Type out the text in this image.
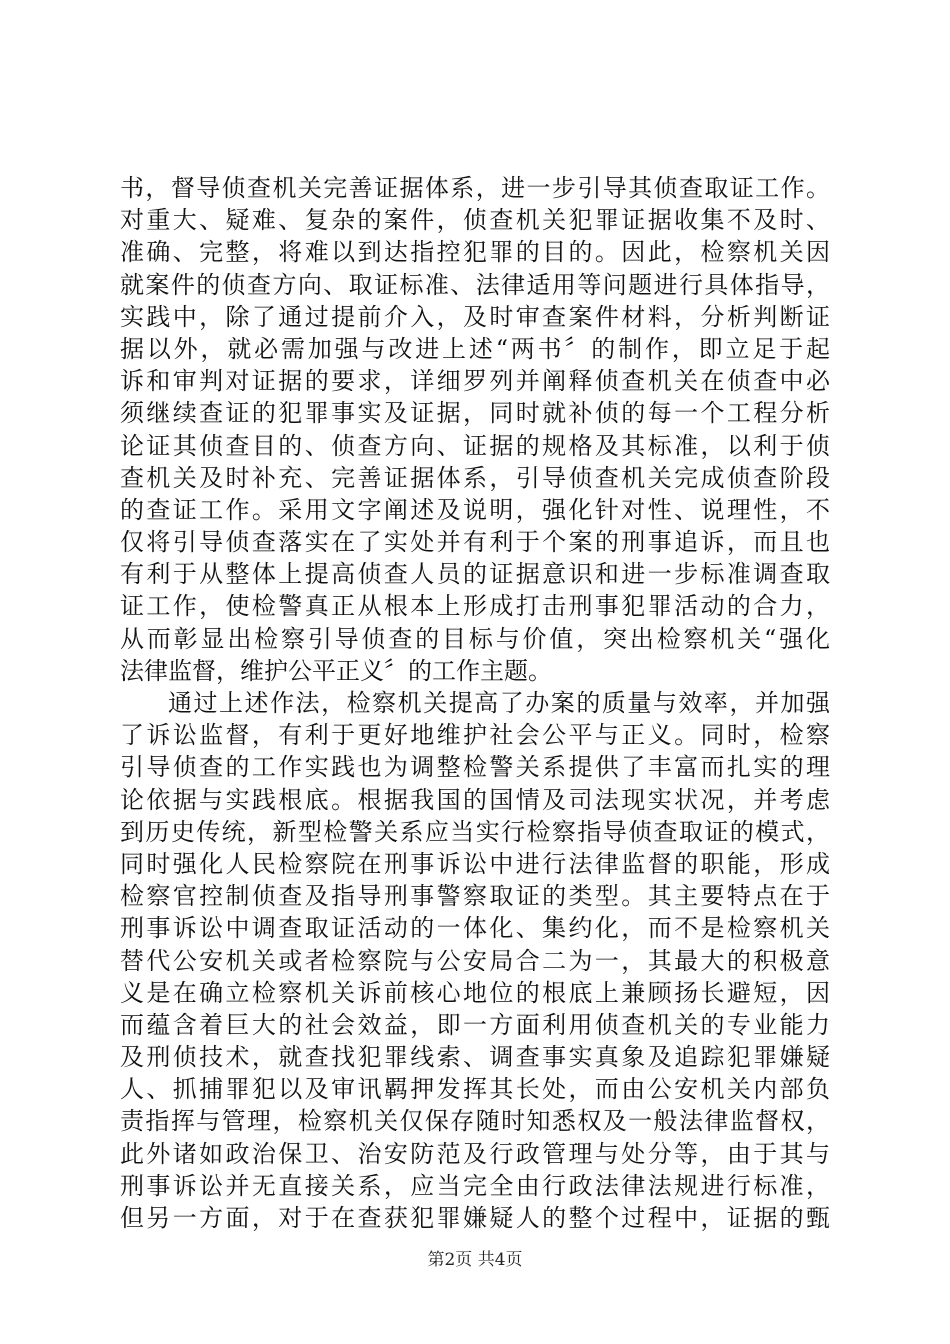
书，督导侦查机关完善证据体系，进一步引导其侦查取证工作。
对重大、疑难、复杂的案件，侦查机关犯罪证据收集不及时、
准确、完整，将难以到达指控犯罪的目的。因此，检察机关因
就案件的侦查方向、取证标准、法律适用等问题进行具体指导，
实践中，除了通过提前介入，及时审查案件材料，分析判断证
据以外，就必需加强与改进上述“两书〞的制作，即立足于起
诉和审判对证据的要求，详细罗列并阐释侦查机关在侦查中必
须继续查证的犯罪事实及证据，同时就补侦的每一个工程分析
论证其侦查目的、侦查方向、证据的规格及其标准，以利于侦
查机关及时补充、完善证据体系，引导侦查机关完成侦查阶段
的查证工作。采用文字阐述及说明，强化针对性、说理性，不
仅将引导侦查落实在了实处并有利于个案的刑事追诉，而且也
有利于从整体上提高侦查人员的证据意识和进一步标准调查取
证工作，使检警真正从根本上形成打击刑事犯罪活动的合力，
从而彰显出检察引导侦查的目标与价值，突出检察机关“强化
法律监督，维护公平正义〞的工作主题。
通过上述作法，检察机关提高了办案的质量与效率，并加强
了诉讼监督，有利于更好地维护社会公平与正义。同时，检察
引导侦查的工作实践也为调整检警关系提供了丰富而扎实的理
论依据与实践根底。根据我国的国情及司法现实状况，并考虑
到历史传统，新型检警关系应当实行检察指导侦查取证的模式，
同时强化人民检察院在刑事诉讼中进行法律监督的职能，形成
检察官控制侦查及指导刑事警察取证的类型。其主要特点在于
刑事诉讼中调查取证活动的一体化、集约化，而不是检察机关
替代公安机关或者检察院与公安局合二为一，其最大的积极意
义是在确立检察机关诉前核心地位的根底上兼顾扬长避短，因
而蕴含着巨大的社会效益，即一方面利用侦查机关的专业能力
及刑侦技术，就查找犯罪线索、调查事实真象及追踪犯罪嫌疑
人、抓捕罪犯以及审讯羁押发挥其长处，而由公安机关内部负
责指挥与管理，检察机关仅保存随时知悉权及一般法律监督权，
此外诸如政治保卫、治安防范及行政管理与处分等，由于其与
刑事诉讼并无直接关系，应当完全由行政法律法规进行标准，
但另一方面，对于在查获犯罪嫌疑人的整个过程中，证据的甄
第2页 共4页
